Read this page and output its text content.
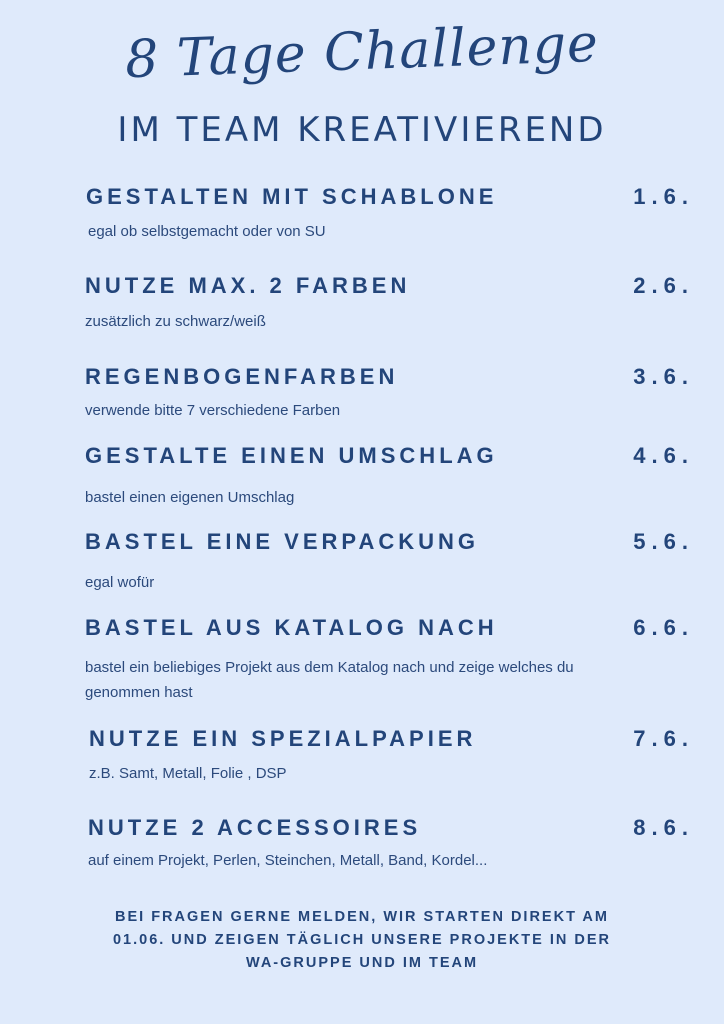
8 Tage Challenge
IM TEAM KREATIVIEREND
GESTALTEN MIT SCHABLONE	1.6.
egal ob selbstgemacht oder von SU
NUTZE MAX. 2 FARBEN	2.6.
zusätzlich zu schwarz/weiß
REGENBOGENFARBEN	3.6.
verwende bitte 7 verschiedene Farben
GESTALTE EINEN UMSCHLAG	4.6.
bastel einen eigenen Umschlag
BASTEL EINE VERPACKUNG	5.6.
egal wofür
BASTEL AUS KATALOG NACH	6.6.
bastel ein beliebiges Projekt aus dem Katalog nach und zeige welches du genommen hast
NUTZE EIN SPEZIALPAPIER	7.6.
z.B. Samt, Metall, Folie , DSP
NUTZE 2 ACCESSOIRES	8.6.
auf einem Projekt, Perlen, Steinchen, Metall, Band, Kordel...
BEI FRAGEN GERNE MELDEN, WIR STARTEN DIREKT AM 01.06. UND ZEIGEN TÄGLICH UNSERE PROJEKTE IN DER WA-GRUPPE UND IM TEAM
